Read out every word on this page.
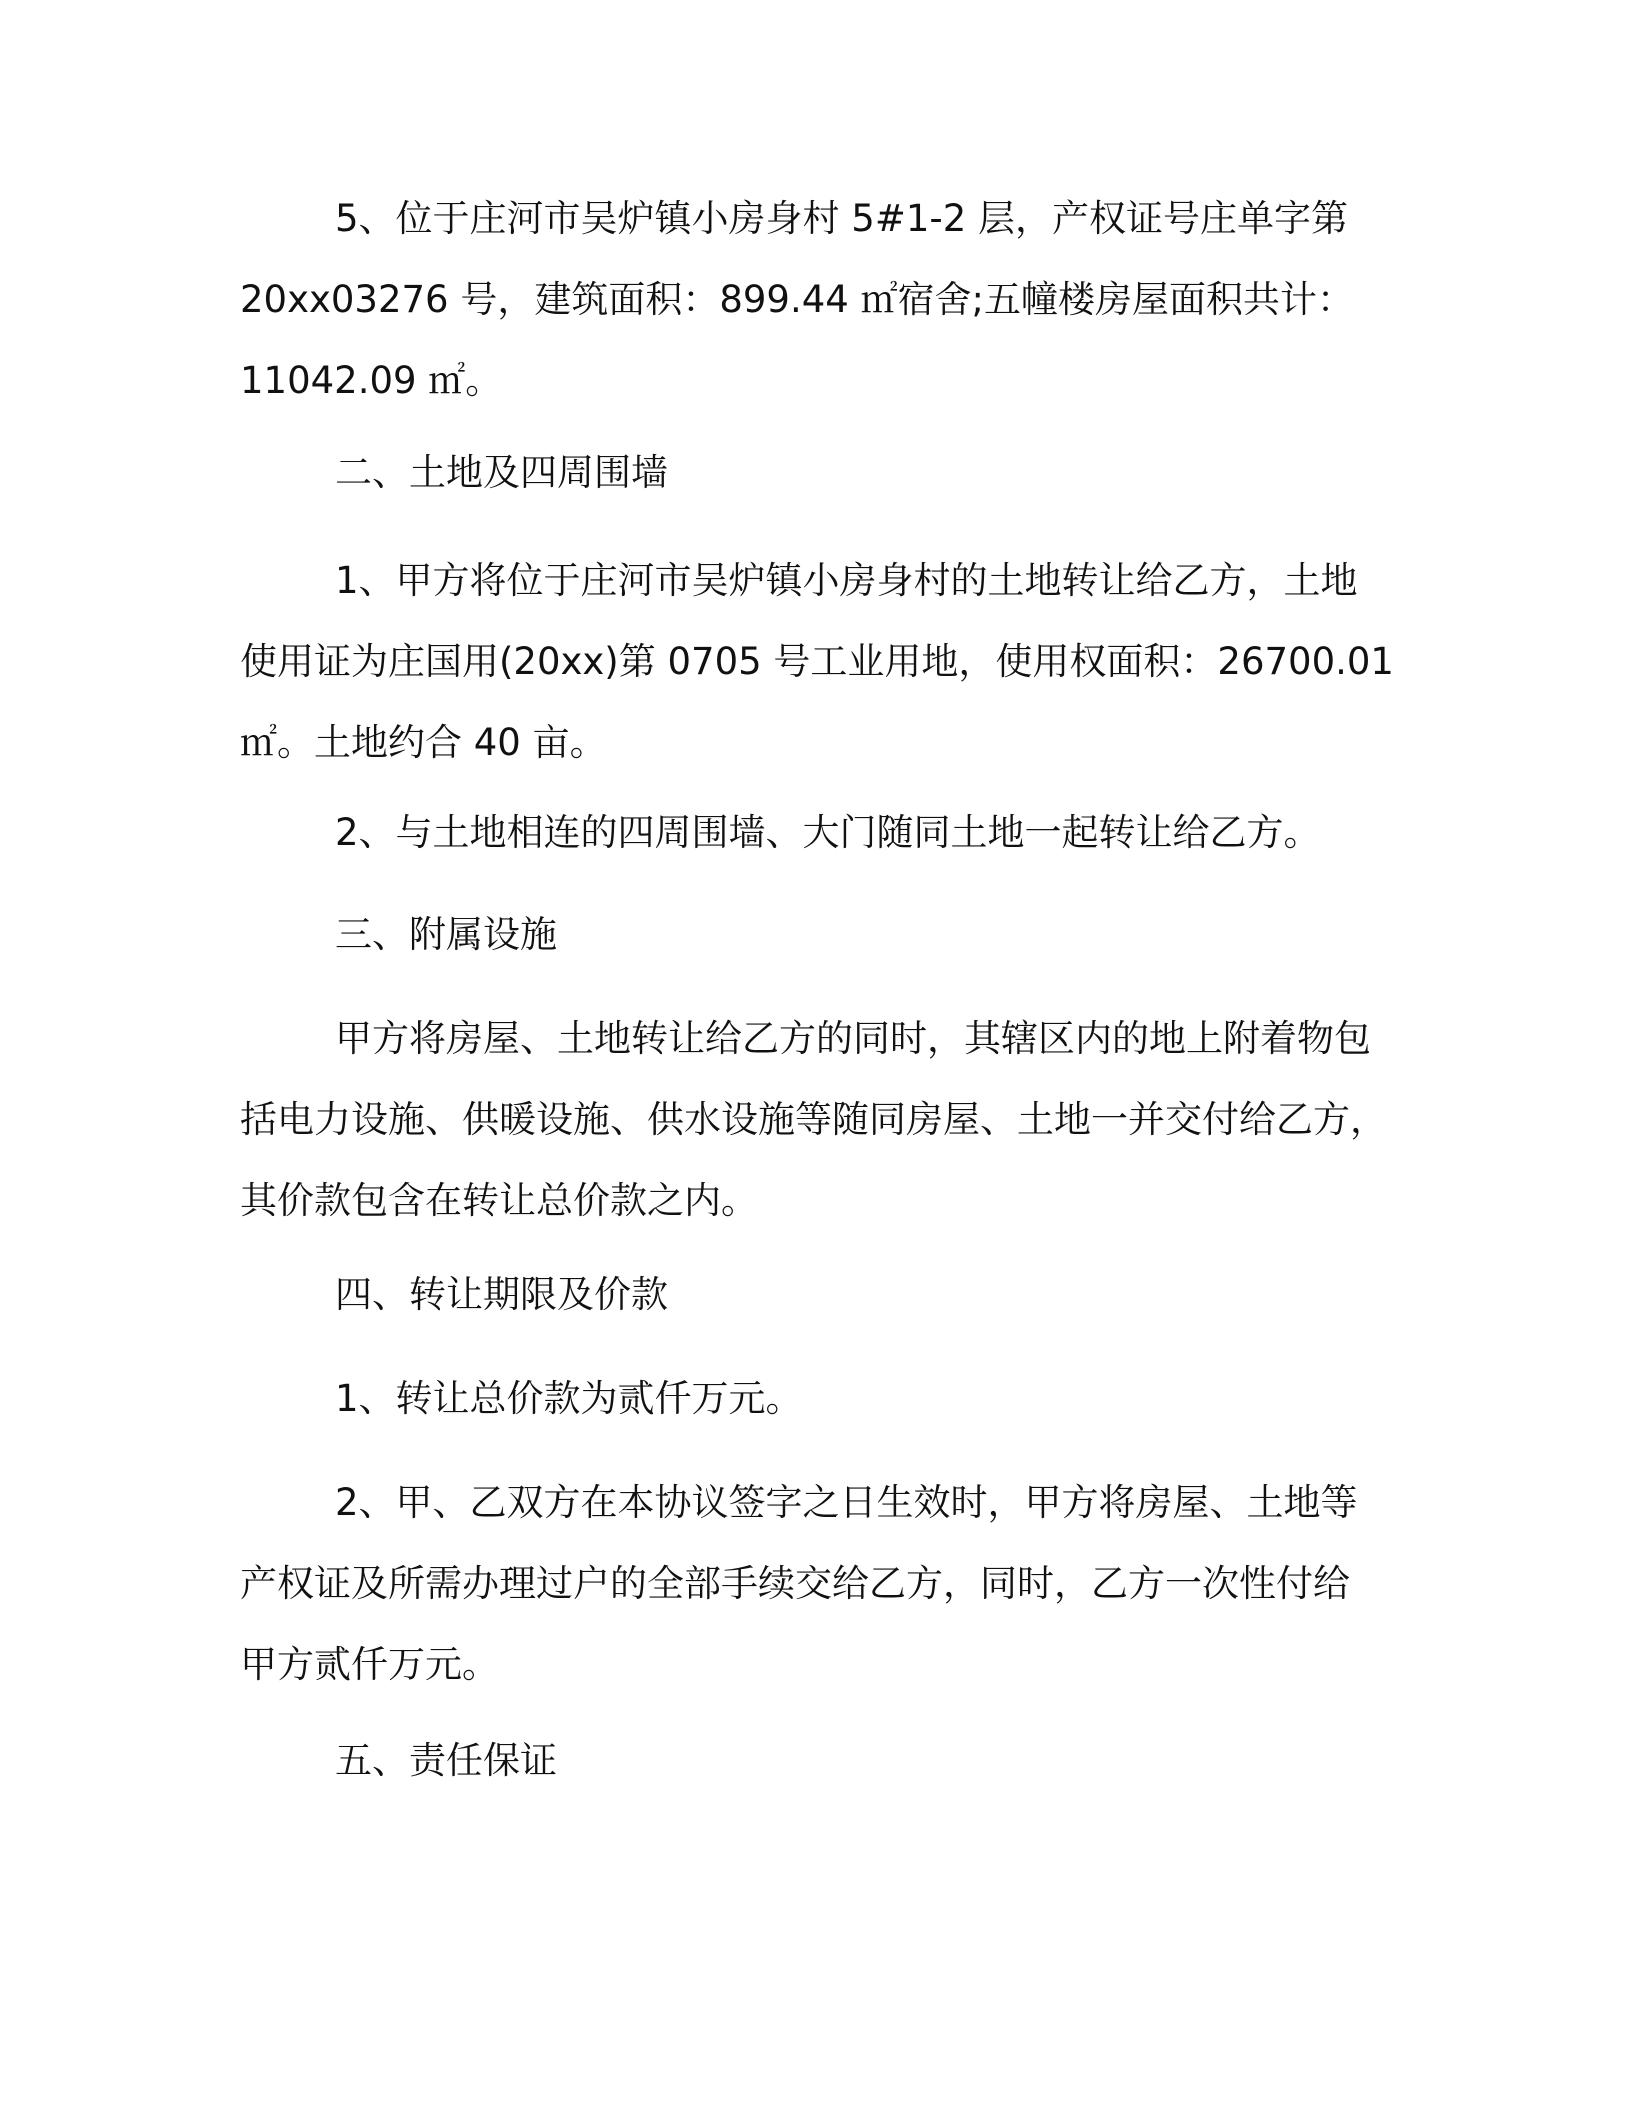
5、位于庄河市吴炉镇小房身村 5#1-2 层，产权证号庄单字第
20xx03276 号，建筑面积：899.44 ㎡宿舍;五幢楼房屋面积共计：
11042.09 ㎡。
二、土地及四周围墙
1、甲方将位于庄河市吴炉镇小房身村的土地转让给乙方，土地
使用证为庄国用(20xx)第 0705 号工业用地，使用权面积：26700.01
㎡。土地约合 40 亩。
2、与土地相连的四周围墙、大门随同土地一起转让给乙方。
三、附属设施
甲方将房屋、土地转让给乙方的同时，其辖区内的地上附着物包
括电力设施、供暖设施、供水设施等随同房屋、土地一并交付给乙方，
其价款包含在转让总价款之内。
四、转让期限及价款
1、转让总价款为贰仟万元。
2、甲、乙双方在本协议签字之日生效时，甲方将房屋、土地等
产权证及所需办理过户的全部手续交给乙方，同时，乙方一次性付给
甲方贰仟万元。
五、责任保证
